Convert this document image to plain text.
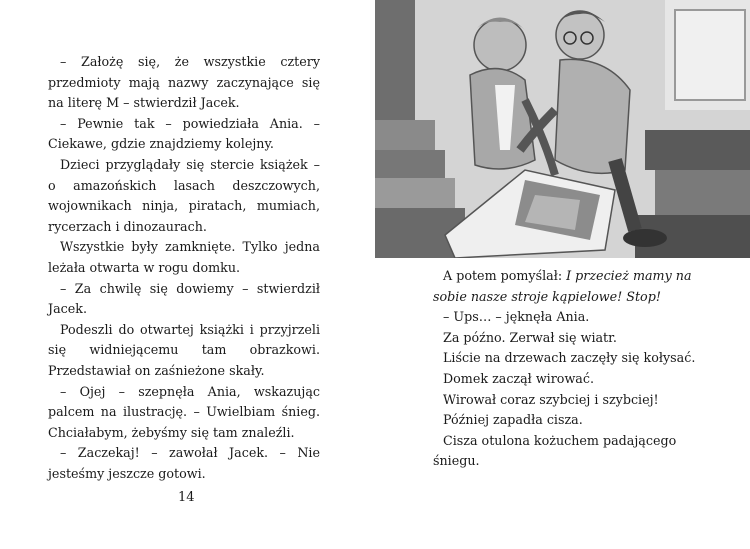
– Założę się, że wszystkie cztery przedmioty mają nazwy zaczynające się na literę M – stwierdził Jacek.

– Pewnie tak – powiedziała Ania. – Ciekawe, gdzie znajdziemy kolejny.

Dzieci przyglądały się stercie książek – o amazońskich lasach deszczowych, wojownikach ninja, piratach, mumiach, rycerzach i dinozaurach.

Wszystkie były zamknięte. Tylko jedna leżała otwarta w rogu domku.

– Za chwilę się dowiemy – stwierdził Jacek.

Podeszli do otwartej książki i przyjrzeli się widniejącemu tam obrazkowi. Przedstawiał on zaśnieżone skały.

– Ojej – szepnęła Ania, wskazując palcem na ilustrację. – Uwielbiam śnieg. Chciałabym, żebyśmy się tam znaleźli.

– Zaczekaj! – zawołał Jacek. – Nie jesteśmy jeszcze gotowi.

14

A potem pomyślał: I przecież mamy na sobie nasze stroje kąpielowe! Stop!

– Ups… – jęknęła Ania.

Za późno. Zerwał się wiatr.

Liście na drzewach zaczęły się kołysać.

Domek zaczął wirować.

Wirował coraz szybciej i szybciej!

Później zapadła cisza.

Cisza otulona kożuchem padającego śniegu.
